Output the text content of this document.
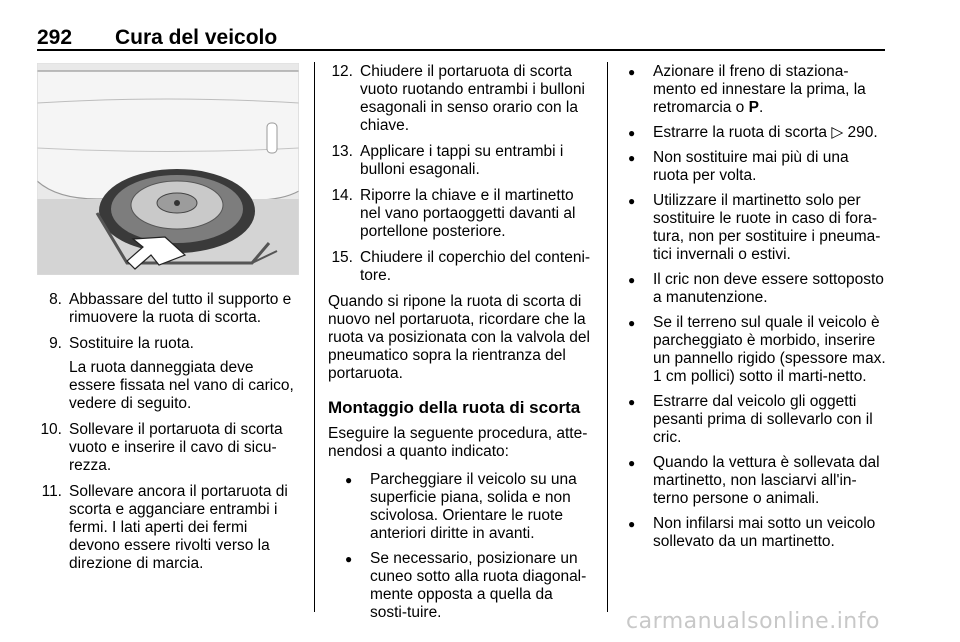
292 Cura del veicolo
8. Abbassare del tutto il supporto e rimuovere la ruota di scorta.
9. Sostituire la ruota.
La ruota danneggiata deve essere fissata nel vano di carico, vedere di seguito.
10. Sollevare il portaruota di scorta vuoto e inserire il cavo di sicu-rezza.
11. Sollevare ancora il portaruota di scorta e agganciare entrambi i fermi. I lati aperti dei fermi devono essere rivolti verso la direzione di marcia.
12. Chiudere il portaruota di scorta vuoto ruotando entrambi i bulloni esagonali in senso orario con la chiave.
13. Applicare i tappi su entrambi i bulloni esagonali.
14. Riporre la chiave e il martinetto nel vano portaoggetti davanti al portellone posteriore.
15. Chiudere il coperchio del conteni-tore.

Quando si ripone la ruota di scorta di nuovo nel portaruota, ricordare che la ruota va posizionata con la valvola del pneumatico sopra la rientranza del portaruota.

Montaggio della ruota di scorta

Eseguire la seguente procedura, atte-nendosi a quanto indicato:

● Parcheggiare il veicolo su una superficie piana, solida e non scivolosa. Orientare le ruote anteriori diritte in avanti.
● Se necessario, posizionare un cuneo sotto alla ruota diagonal-mente opposta a quella da sosti-tuire.
● Azionare il freno di staziona-mento ed innestare la prima, la retromarcia o P.
● Estrarre la ruota di scorta ▷ 290.
● Non sostituire mai più di una ruota per volta.
● Utilizzare il martinetto solo per sostituire le ruote in caso di fora-tura, non per sostituire i pneuma-tici invernali o estivi.
● Il cric non deve essere sottoposto a manutenzione.
● Se il terreno sul quale il veicolo è parcheggiato è morbido, inserire un pannello rigido (spessore max. 1 cm pollici) sotto il marti-netto.
● Estrarre dal veicolo gli oggetti pesanti prima di sollevarlo con il cric.
● Quando la vettura è sollevata dal martinetto, non lasciarvi all'in-terno persone o animali.
● Non infilarsi mai sotto un veicolo sollevato da un martinetto.
carmanualsonline.info
